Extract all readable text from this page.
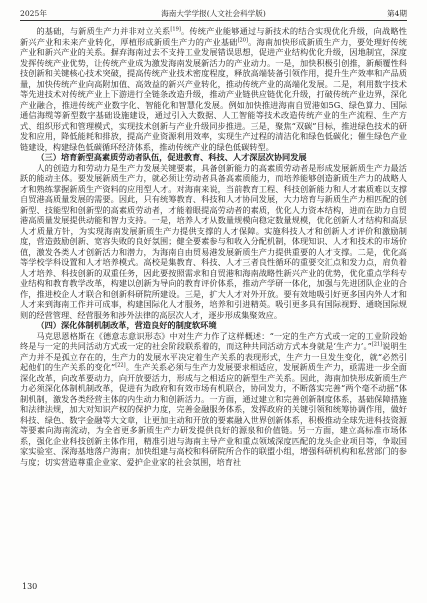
2025年	海南大学学报(人文社会科学版)	第4期

的基础，与新质生产力并非对立关系[19]。传统产业能够通过与新技术的结合实现优化升级，向战略性新兴产业和未来产业转化，厚植形成新质生产力的产业基础[20]。海南加快形成新质生产力，要处理好传统产业和新兴产业的关系。摒弃海南过去不支持工业发展错误思想，促进产业结构优化升级，因地制宜，深度发挥传统产业优势，让传统产业成为激发海南发展新活力的产业动力。一是，加快积极引创推，新颠覆性科技创新和关键核心技术突破，提高传统产业技术密度程度，释放高端装备引领作用，提升生产效率和产品质量，加快传统产业向高附加值、高效益的新兴产业转化，推动传统产业的高端化发展。二是，利用数字技术等先进技术对传统产业上下游进行全链条改造升级，推动产业链供应链优化升级，打破传统产业边界，深化产业融合，推进传统产业数字化、智能化和智慧化发展。例如加快推进海南自贸港如5G、绿色算力、国际通信海缆等新型数字基础设施建设，通过引入大数据、人工智能等技术改造传统产业的生产流程、生产方式、组织形式和管理模式，实现技术创新与产业升级同步推进。三是，聚焦“双碳”目标，推进绿色技术的研发和应用，降低能耗和排放，提高产业资源利用效率，实现生产过程的清洁化和绿色低碳化；催生绿色产业链建设，构建绿色低碳循环经济体系，推动传统产业的绿色低碳转型。

（三）培育新型高素质劳动者队伍，促进教育、科技、人才深层次协同发展

人的创造力和劳动力是生产力发展关键要素，具备创新能力的高素质劳动者是形成发展新质生产力最活跃的能动主体。要发展新质生产力，就必须让劳动者具备高素质能力，而培养能够创造新质生产力的战略人才和熟练掌握新质生产资料的应用型人才。对海南来说，当前教育工程、科技创新能力和人才素质难以支撑自贸港高质量发展的需要。因此，只有统筹教育、科技和人才协同发展，大力培育与新质生产力相匹配的创新型、技能型和创新型的高素质劳动者，才能着眼提高劳动者的素质，优化人力资本结构，进而在助力自贸港高质量发展提供动能和智力支持。一是，培养人才从数量规模向稳定数量规模，优化创新人才结构和高层人才质量方针，为实现海南发展新质生产力提供支撑的人才保障。实施科技人才和创新人才评价和激励制度，营造鼓励创新、宽容失败的良好氛围；健全要素参与和收入分配机制，体现知识、人才和技术的市场价值，激发各类人才创新活力和潜力，为海南自由贸易港发展新质生产力提供重要的人才支撑。二是，优化高等学校学科设置和人才培养模式。高校是集教育、科技、人才三者良性循环的重要交汇点和发力点，肩负着人才培养、科技创新的双重任务，因此要按照需求和自贸港和海南战略性新兴产业的优势，优化重点学科专业结构和教育教学改革，构建以创新为导向的教育评价体系，推动产学研一体化，加强与先进团队企业的合作，推进校企人才联合和创新科研院所建设。三是，扩大人才对外开放。要有效地吸引好更多国内外人才和人才来到海南工作并可成事，构建国际化人才服务，培养和引进精英。吸引更多具有国际视野、通晓国际规则的经营管理、经营服务和涉外法律的高层次人才，逐步形成集聚效应。

（四）深化体制机制改革，营造良好的制度软环境

马克思恩格斯在《德意志意识形态》中对生产力作了这样概述：“一定的生产方式或一定的工业阶段始终是与一定的共同活动方式或一定的社会阶段联系着的，而这种共同活动方式本身就是‘生产力’。”[21]说明生产力并不是孤立存在的，生产力的发展水平决定着生产关系的表现形式，生产力一旦发生变化，就“必然引起他们的生产关系的变化”[22]。生产关系必须与生产力发展要求相适应，发展新质生产力，亟需进一步全面深化改革，向改革要动力，向开放要活力，形成与之相适应的新型生产关系。因此，海南加快形成新质生产力必须深化体制机制改革，促进有为政府和有效市场有机联合，协同发力，不断落实完善“两个毫不动摇”体制机制，激发各类经营主体的内生动力和创新活力。一方面，通过建立和完善创新制度体系，基础保障措施和法律法规，加大对知识产权的保护力度，完善金融服务体系，发挥政府的关键引领和统筹协调作用，做好科技、绿色、数字金融等大文章，让更加主动和开放的要素融入世界创新体系，积极推动全球先进科技资源等要素向海南流动，为全省更多新质生产力研发提供良好的源泉和价值链。另一方面，建立高标准市场体系，强化企业科技创新主体作用，精准引进与海南主导产业和重点领域深度匹配的龙头企业项目等，争取国家实验室、深海基地落户海南；加快组建与高校和科研院所合作的联盟小组，增强科研机构和私营部门的参与度；切实营造尊重企业家、爱护企业家的社会氛围，培育社

130
